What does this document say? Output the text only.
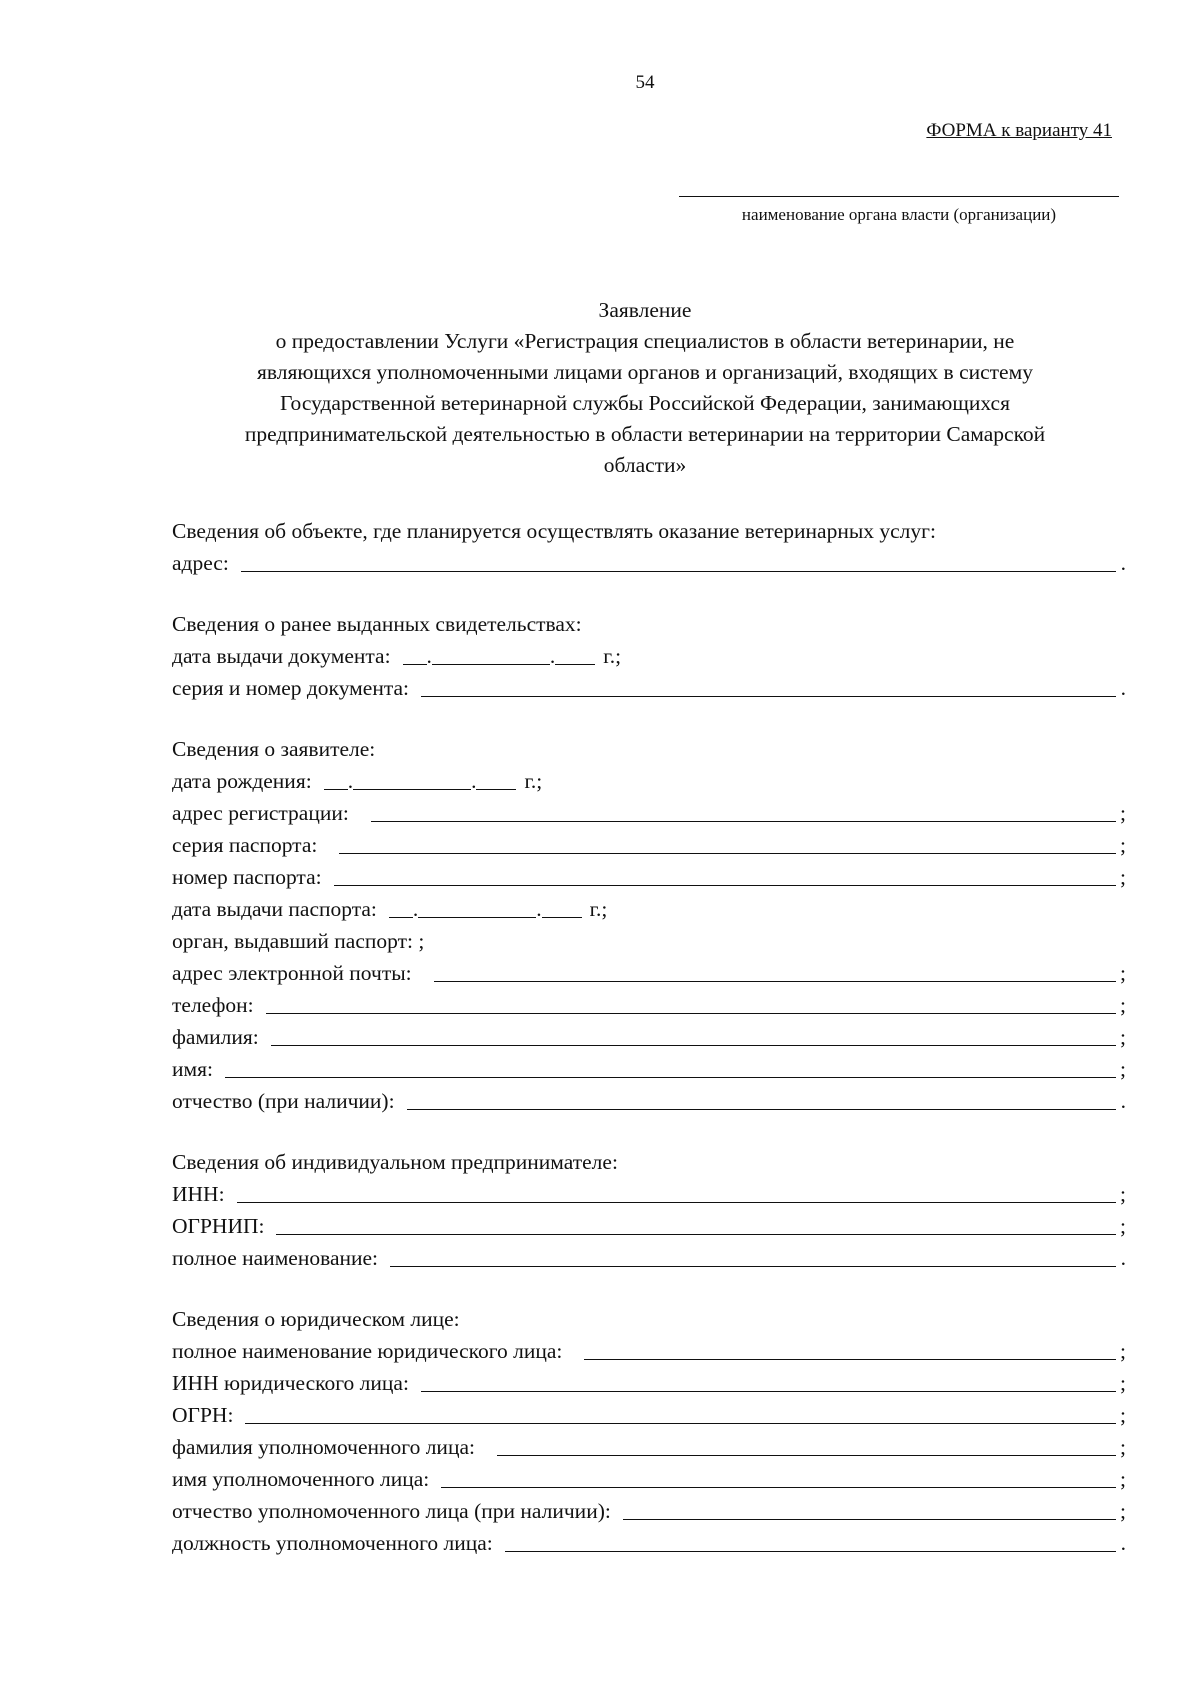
54
ФОРМА к варианту 41
наименование органа власти (организации)
Заявление
о предоставлении Услуги «Регистрация специалистов в области ветеринарии, не
являющихся уполномоченными лицами органов и организаций, входящих в систему
Государственной ветеринарной службы Российской Федерации, занимающихся
предпринимательской деятельностью в области ветеринарии на территории Самарской
области»
Сведения об объекте, где планируется осуществлять оказание ветеринарных услуг:
адрес:	.
Сведения о ранее выданных свидетельствах:
дата выдачи документа:	.	.	г.;
серия и номер документа:	.
Сведения о заявителе:
дата рождения:	.	.	г.;
адрес регистрации:	;
серия паспорта:	;
номер паспорта:	;
дата выдачи паспорта:	.	.	г.;
орган, выдавший паспорт: ;
адрес электронной почты:	;
телефон:	;
фамилия:	;
имя:	;
отчество (при наличии):	.
Сведения об индивидуальном предпринимателе:
ИНН:	;
ОГРНИП:	;
полное наименование:	.
Сведения о юридическом лице:
полное наименование юридического лица:	;
ИНН юридического лица:	;
ОГРН:	;
фамилия уполномоченного лица:	;
имя уполномоченного лица:	;
отчество уполномоченного лица (при наличии):	;
должность уполномоченного лица:	.
